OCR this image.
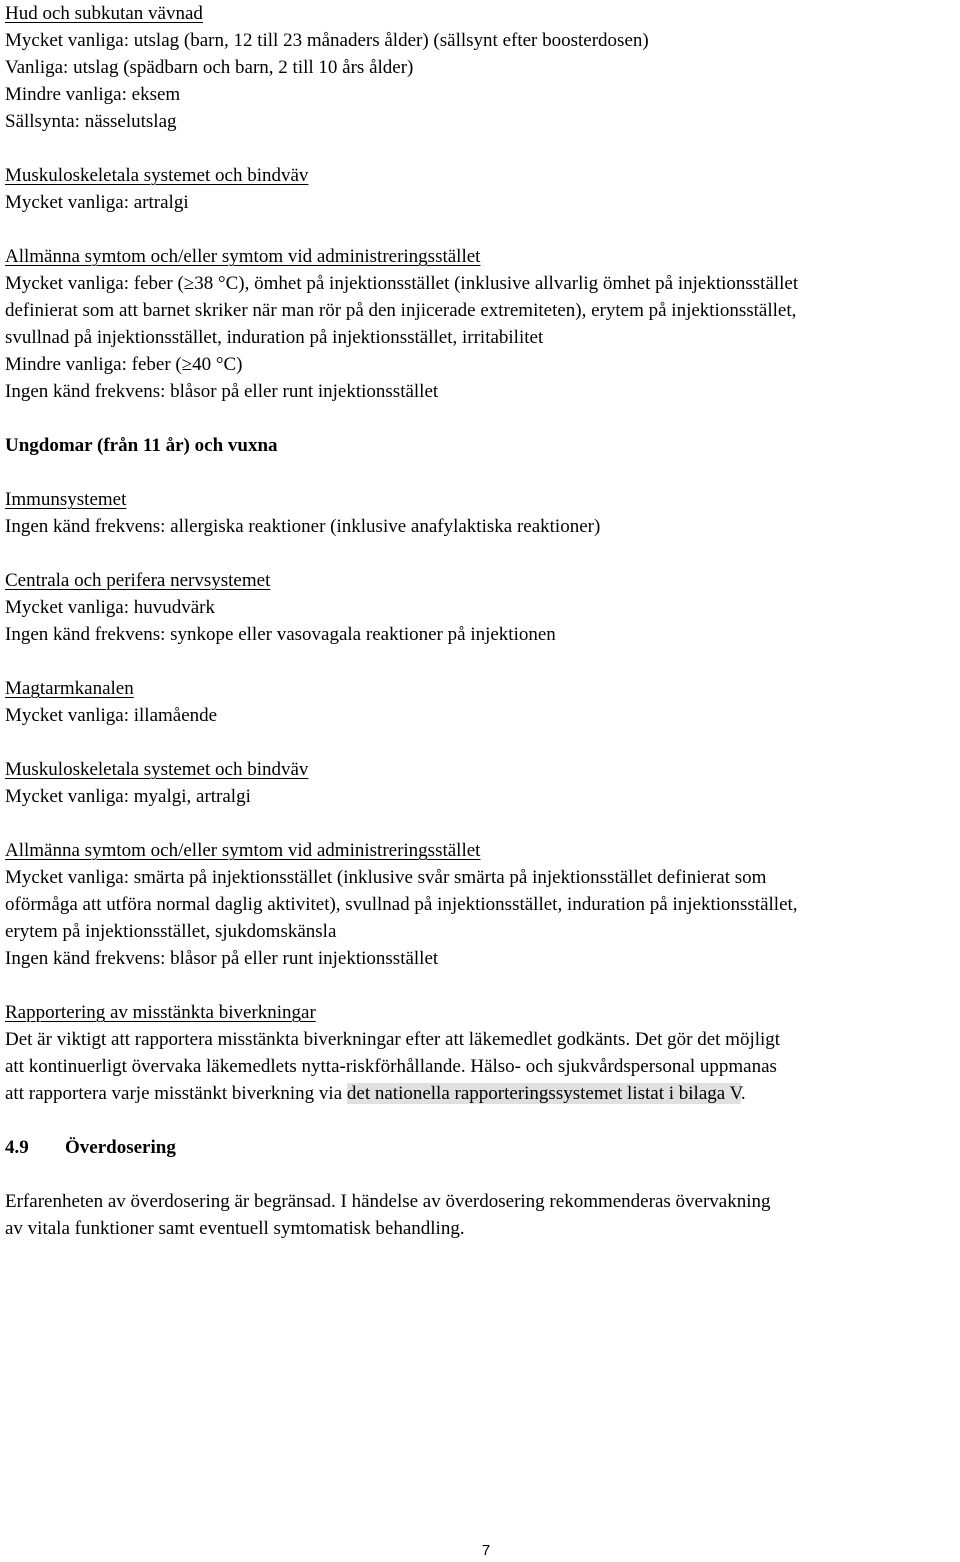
Hud och subkutan vävnad
Mycket vanliga: utslag (barn, 12 till 23 månaders ålder) (sällsynt efter boosterdosen)
Vanliga: utslag (spädbarn och barn, 2 till 10 års ålder)
Mindre vanliga: eksem
Sällsynta: nässelutslag
Muskuloskeletala systemet och bindväv
Mycket vanliga: artralgi
Allmänna symtom och/eller symtom vid administreringsstället
Mycket vanliga: feber (≥38 °C), ömhet på injektionsstället (inklusive allvarlig ömhet på injektionsstället
definierat som att barnet skriker när man rör på den injicerade extremiteten), erytem på injektionsstället,
svullnad på injektionsstället, induration på injektionsstället, irritabilitet
Mindre vanliga: feber (≥40 °C)
Ingen känd frekvens: blåsor på eller runt injektionsstället
Ungdomar (från 11 år) och vuxna
Immunsystemet
Ingen känd frekvens: allergiska reaktioner (inklusive anafylaktiska reaktioner)
Centrala och perifera nervsystemet
Mycket vanliga: huvudvärk
Ingen känd frekvens: synkope eller vasovagala reaktioner på injektionen
Magtarmkanalen
Mycket vanliga: illamående
Muskuloskeletala systemet och bindväv
Mycket vanliga: myalgi, artralgi
Allmänna symtom och/eller symtom vid administreringsstället
Mycket vanliga: smärta på injektionsstället (inklusive svår smärta på injektionsstället definierat som
oförmåga att utföra normal daglig aktivitet), svullnad på injektionsstället, induration på injektionsstället,
erytem på injektionsstället, sjukdomskänsla
Ingen känd frekvens: blåsor på eller runt injektionsstället
Rapportering av misstänkta biverkningar
Det är viktigt att rapportera misstänkta biverkningar efter att läkemedlet godkänts. Det gör det möjligt
att kontinuerligt övervaka läkemedlets nytta-riskförhållande. Hälso- och sjukvårdspersonal uppmanas
att rapportera varje misstänkt biverkning via det nationella rapporteringssystemet listat i bilaga V.
4.9 Överdosering
Erfarenheten av överdosering är begränsad. I händelse av överdosering rekommenderas övervakning
av vitala funktioner samt eventuell symtomatisk behandling.
7
